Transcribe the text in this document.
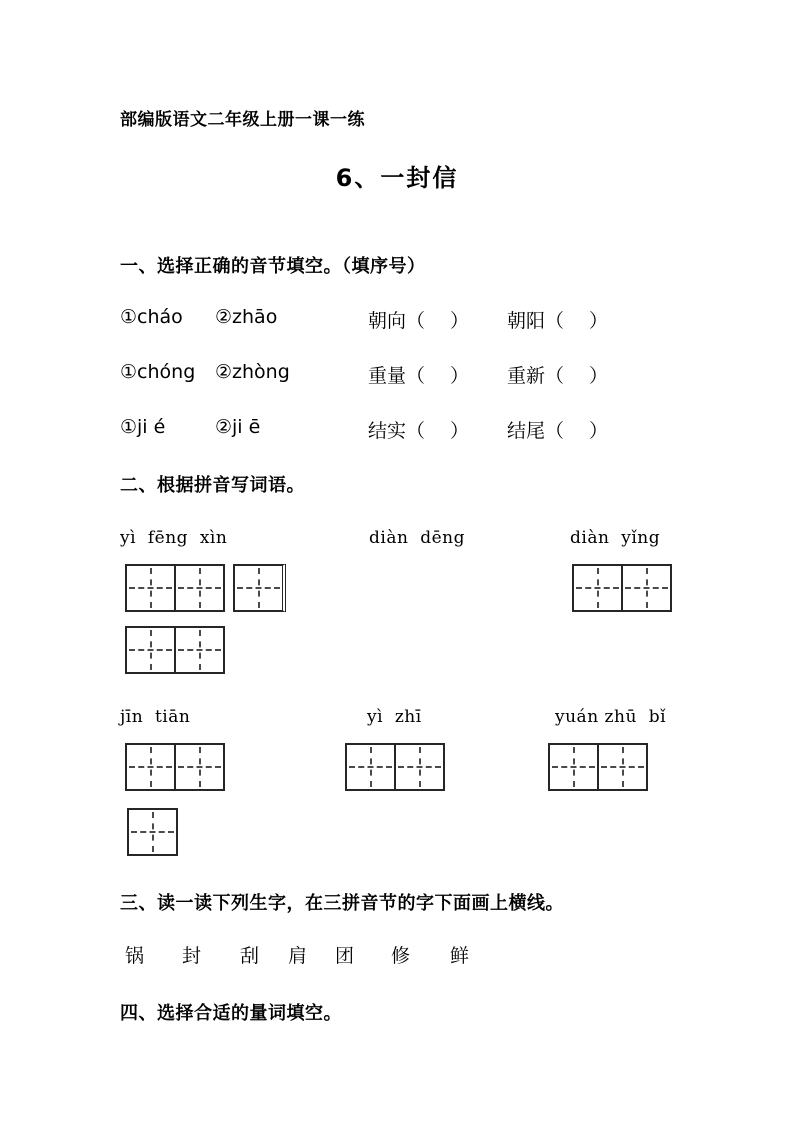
部编版语文二年级上册一课一练
6、一封信
一、选择正确的音节填空。（填序号）
①cháo ②zhāo	朝向（　 ） 朝阳（　 ）
①chóng ②zhòng	重量（　 ） 重新（　 ）
①ji é	②ji ē	结实（　 ） 结尾（　 ）
二、根据拼音写词语。
yì  fēng  xìn	diàn  dēng	diàn  yǐng
jīn  tiān	yì  zhī	yuán zhū  bǐ
三、读一读下列生字，在三拼音节的字下面画上横线。
锅 封 刮 肩 团 修 鲜
四、选择合适的量词填空。
